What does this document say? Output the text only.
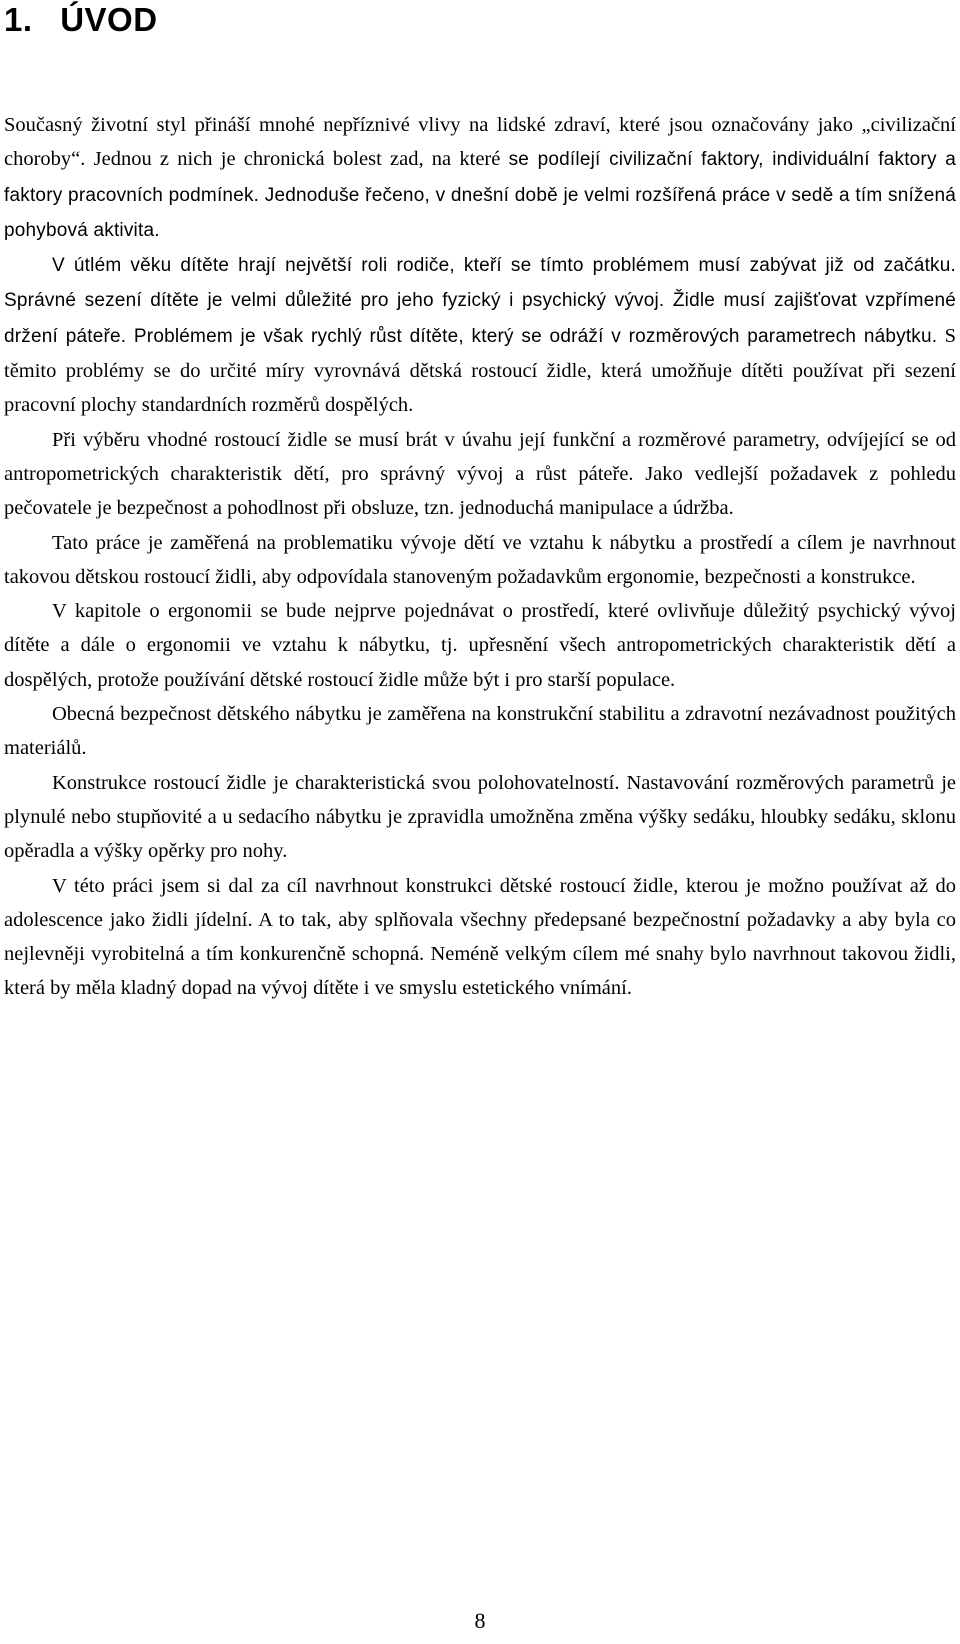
1. ÚVOD

Současný životní styl přináší mnohé nepříznivé vlivy na lidské zdraví, které jsou označovány jako „civilizační choroby“. Jednou z nich je chronická bolest zad, na které se podílejí civilizační faktory, individuální faktory a faktory pracovních podmínek. Jednoduše řečeno, v dnešní době je velmi rozšířená práce v sedě a tím snížená pohybová aktivita.

V útlém věku dítěte hrají největší roli rodiče, kteří se tímto problémem musí zabývat již od začátku. Správné sezení dítěte je velmi důležité pro jeho fyzický i psychický vývoj. Židle musí zajišťovat vzpřímené držení páteře. Problémem je však rychlý růst dítěte, který se odráží v rozměrových parametrech nábytku. S těmito problémy se do určité míry vyrovnává dětská rostoucí židle, která umožňuje dítěti používat při sezení pracovní plochy standardních rozměrů dospělých.

Při výběru vhodné rostoucí židle se musí brát v úvahu její funkční a rozměrové parametry, odvíjející se od antropometrických charakteristik dětí, pro správný vývoj a růst páteře. Jako vedlejší požadavek z pohledu pečovatele je bezpečnost a pohodlnost při obsluze, tzn. jednoduchá manipulace a údržba.

Tato práce je zaměřená na problematiku vývoje dětí ve vztahu k nábytku a prostředí a cílem je navrhnout takovou dětskou rostoucí židli, aby odpovídala stanoveným požadavkům ergonomie, bezpečnosti a konstrukce.

V kapitole o ergonomii se bude nejprve pojednávat o prostředí, které ovlivňuje důležitý psychický vývoj dítěte a dále o ergonomii ve vztahu k nábytku, tj. upřesnění všech antropometrických charakteristik dětí a dospělých, protože používání dětské rostoucí židle může být i pro starší populace.

Obecná bezpečnost dětského nábytku je zaměřena na konstrukční stabilitu a zdravotní nezávadnost použitých materiálů.

Konstrukce rostoucí židle je charakteristická svou polohovatelností. Nastavování rozměrových parametrů je plynulé nebo stupňovité a u sedacího nábytku je zpravidla umožněna změna výšky sedáku, hloubky sedáku, sklonu opěradla a výšky opěrky pro nohy.

V této práci jsem si dal za cíl navrhnout konstrukci dětské rostoucí židle, kterou je možno používat až do adolescence jako židli jídelní. A to tak, aby splňovala všechny předepsané bezpečnostní požadavky a aby byla co nejlevněji vyrobitelná a tím konkurenčně schopná. Neméně velkým cílem mé snahy bylo navrhnout takovou židli, která by měla kladný dopad na vývoj dítěte i ve smyslu estetického vnímání.

8
